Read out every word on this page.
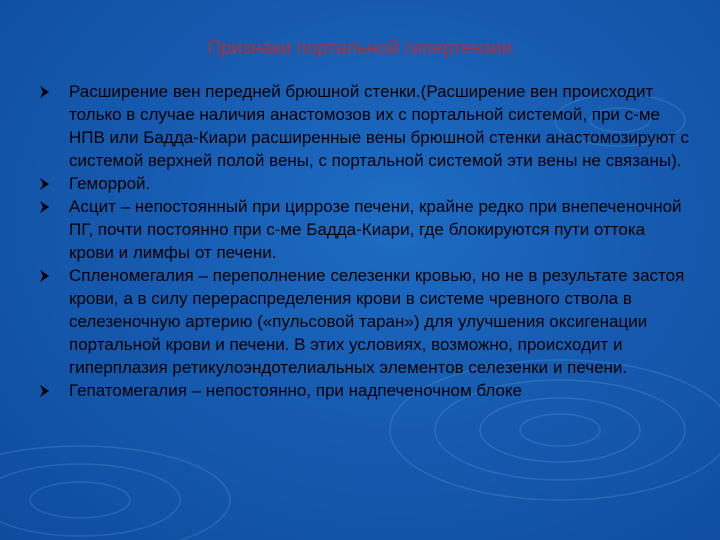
Признаки портальной гипертензии
Расширение вен передней брюшной стенки.(Расширение вен происходит только в случае наличия анастомозов их с портальной системой, при с-ме НПВ или Бадда-Киари расширенные вены брюшной стенки анастомозируют с системой верхней полой вены, с портальной системой эти вены не связаны).
Геморрой.
Асцит – непостоянный при циррозе печени, крайне редко при внепеченочной ПГ, почти постоянно при с-ме Бадда-Киари, где блокируются пути оттока крови и лимфы от печени.
Спленомегалия – переполнение селезенки кровью, но не в результате застоя крови, а в силу перераспределения крови в системе чревного ствола в селезеночную артерию («пульсовой таран») для улучшения оксигенации портальной крови и печени. В этих условиях, возможно, происходит и гиперплазия ретикулоэндотелиальных элементов селезенки и печени.
Гепатомегалия – непостоянно, при надпеченочном блоке
